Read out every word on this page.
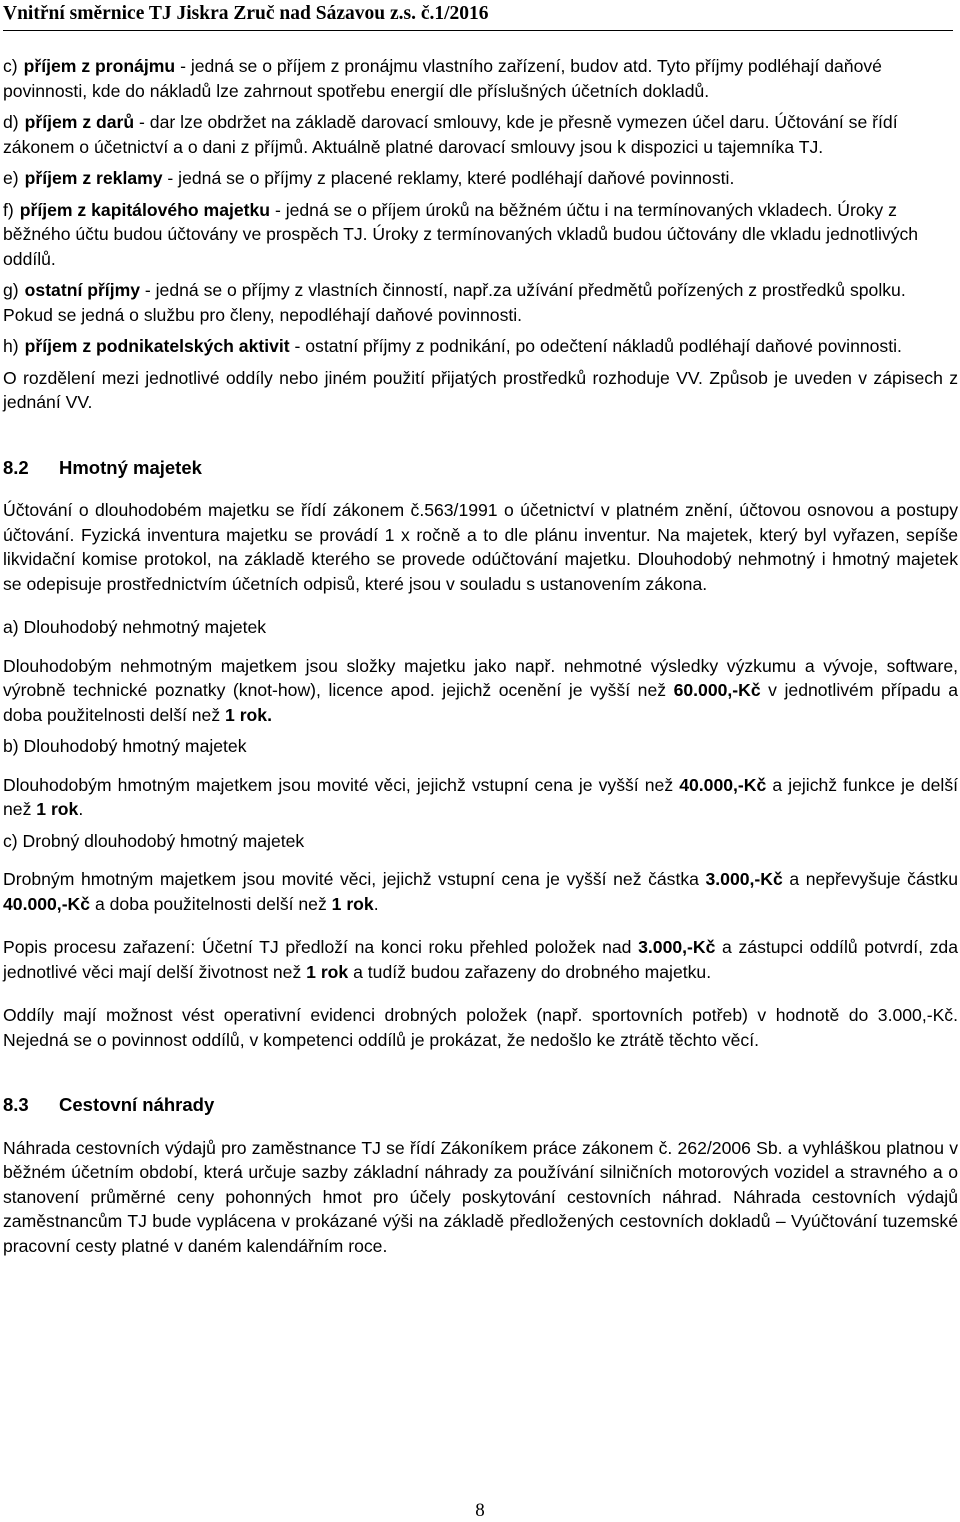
Vnitřní směrnice TJ Jiskra Zruč nad Sázavou z.s. č.1/2016
c) příjem z pronájmu - jedná se o příjem z pronájmu vlastního zařízení, budov atd. Tyto příjmy podléhají daňové povinnosti, kde do nákladů lze zahrnout spotřebu energií dle příslušných účetních dokladů.
d) příjem z darů - dar lze obdržet na základě darovací smlouvy, kde je přesně vymezen účel daru. Účtování se řídí zákonem o účetnictví a o dani z příjmů. Aktuálně platné darovací smlouvy jsou k dispozici u tajemníka TJ.
e) příjem z reklamy - jedná se o příjmy z placené reklamy, které podléhají daňové povinnosti.
f) příjem z kapitálového majetku - jedná se o příjem úroků na běžném účtu i na termínovaných vkladech. Úroky z běžného účtu budou účtovány ve prospěch TJ. Úroky z termínovaných vkladů budou účtovány dle vkladu jednotlivých oddílů.
g) ostatní příjmy - jedná se o příjmy z vlastních činností, např.za užívání předmětů pořízených z prostředků spolku. Pokud se jedná o službu pro členy, nepodléhají daňové povinnosti.
h) příjem z podnikatelských aktivit - ostatní příjmy z podnikání, po odečtení nákladů podléhají daňové povinnosti.
O rozdělení mezi jednotlivé oddíly nebo jiném použití přijatých prostředků rozhoduje VV. Způsob je uveden v zápisech z jednání VV.
8.2 Hmotný majetek
Účtování o dlouhodobém majetku se řídí zákonem č.563/1991 o účetnictví v platném znění, účtovou osnovou a postupy účtování. Fyzická inventura majetku se provádí 1 x ročně a to dle plánu inventur. Na majetek, který byl vyřazen, sepíše likvidační komise protokol, na základě kterého se provede odúčtování majetku. Dlouhodobý nehmotný i hmotný majetek se odepisuje prostřednictvím účetních odpisů, které jsou v souladu s ustanovením zákona.
a) Dlouhodobý nehmotný majetek
Dlouhodobým nehmotným majetkem jsou složky majetku jako např. nehmotné výsledky výzkumu a vývoje, software, výrobně technické poznatky (knot-how), licence apod. jejichž ocenění je vyšší než 60.000,-Kč v jednotlivém případu a doba použitelnosti delší než 1 rok.
b) Dlouhodobý hmotný majetek
Dlouhodobým hmotným majetkem jsou movité věci, jejichž vstupní cena je vyšší než 40.000,-Kč a jejichž funkce je delší než 1 rok.
c) Drobný dlouhodobý hmotný majetek
Drobným hmotným majetkem jsou movité věci, jejichž vstupní cena je vyšší než částka 3.000,-Kč a nepřevyšuje částku 40.000,-Kč a doba použitelnosti delší než 1 rok.
Popis procesu zařazení: Účetní TJ předloží na konci roku přehled položek nad 3.000,-Kč a zástupci oddílů potvrdí, zda jednotlivé věci mají delší životnost než 1 rok a tudíž budou zařazeny do drobného majetku.
Oddíly mají možnost vést operativní evidenci drobných položek (např. sportovních potřeb) v hodnotě do 3.000,-Kč. Nejedná se o povinnost oddílů, v kompetenci oddílů je prokázat, že nedošlo ke ztrátě těchto věcí.
8.3 Cestovní náhrady
Náhrada cestovních výdajů pro zaměstnance TJ se řídí Zákoníkem práce zákonem č. 262/2006 Sb. a vyhláškou platnou v běžném účetním období, která určuje sazby základní náhrady za používání silničních motorových vozidel a stravného a o stanovení průměrné ceny pohonných hmot pro účely poskytování cestovních náhrad. Náhrada cestovních výdajů zaměstnancům TJ bude vyplácena v prokázané výši na základě předložených cestovních dokladů – Vyúčtování tuzemské pracovní cesty platné v daném kalendářním roce.
8
